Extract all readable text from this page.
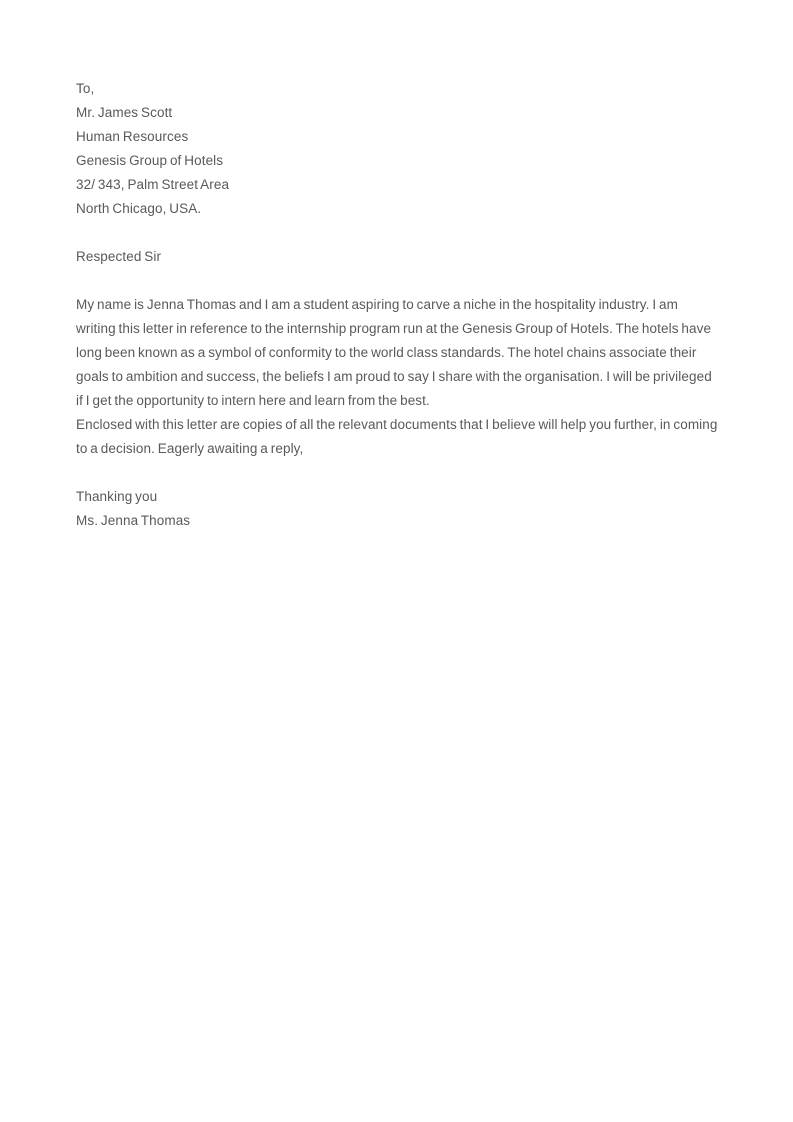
To,
Mr. James Scott
Human Resources
Genesis Group of Hotels
32/ 343, Palm Street Area
North Chicago, USA.
Respected Sir
My name is Jenna Thomas and I am a student aspiring to carve a niche in the hospitality industry. I am
writing this letter in reference to the internship program run at the Genesis Group of Hotels. The hotels have
long been known as a symbol of conformity to the world class standards. The hotel chains associate their
goals to ambition and success, the beliefs I am proud to say I share with the organisation. I will be privileged
if I get the opportunity to intern here and learn from the best.
Enclosed with this letter are copies of all the relevant documents that I believe will help you further, in coming
to a decision. Eagerly awaiting a reply,
Thanking you
Ms. Jenna Thomas
